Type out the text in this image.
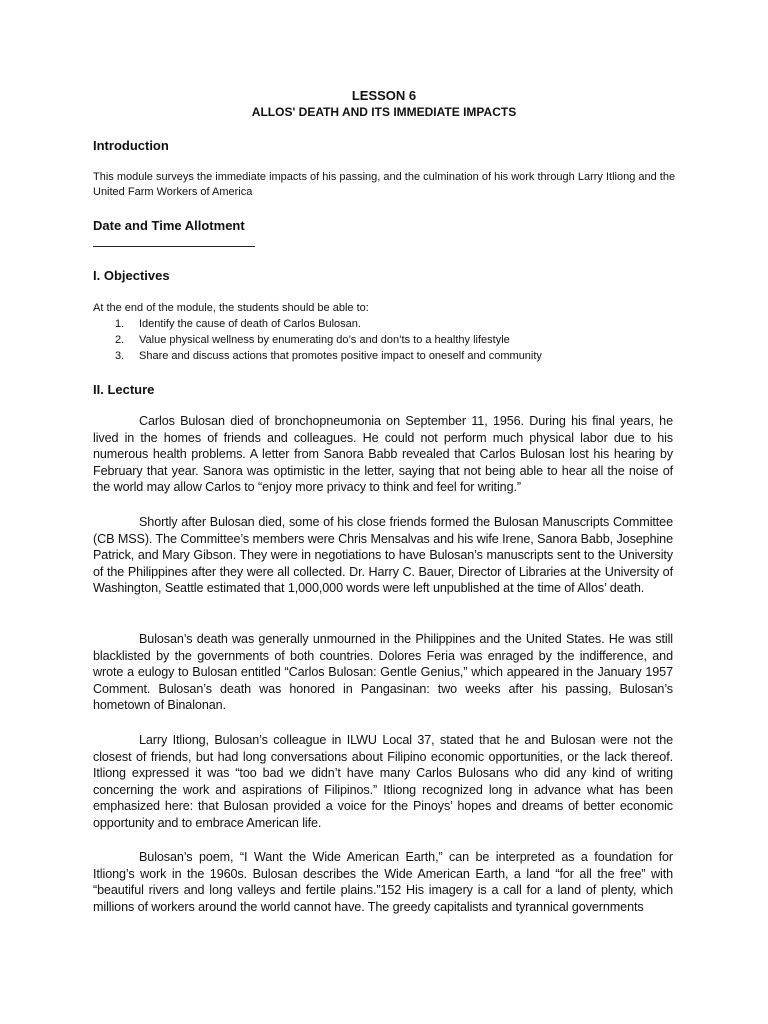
LESSON 6
ALLOS' DEATH AND ITS IMMEDIATE IMPACTS
Introduction
This module surveys the immediate impacts of his passing, and the culmination of his work through Larry Itliong and the United Farm Workers of America
Date and Time Allotment
I. Objectives
At the end of the module, the students should be able to:
1.	Identify the cause of death of Carlos Bulosan.
2.	Value physical wellness by enumerating do’s and don’ts to a healthy lifestyle
3.	Share and discuss actions that promotes positive impact to oneself and community
II. Lecture

Carlos Bulosan died of bronchopneumonia on September 11, 1956. During his final years, he lived in the homes of friends and colleagues. He could not perform much physical labor due to his numerous health problems. A letter from Sanora Babb revealed that Carlos Bulosan lost his hearing by February that year. Sanora was optimistic in the letter, saying that not being able to hear all the noise of the world may allow Carlos to “enjoy more privacy to think and feel for writing.”

Shortly after Bulosan died, some of his close friends formed the Bulosan Manuscripts Committee (CB MSS). The Committee’s members were Chris Mensalvas and his wife Irene, Sanora Babb, Josephine Patrick, and Mary Gibson. They were in negotiations to have Bulosan’s manuscripts sent to the University of the Philippines after they were all collected. Dr. Harry C. Bauer, Director of Libraries at the University of Washington, Seattle estimated that 1,000,000 words were left unpublished at the time of Allos’ death.

Bulosan’s death was generally unmourned in the Philippines and the United States. He was still blacklisted by the governments of both countries. Dolores Feria was enraged by the indifference, and wrote a eulogy to Bulosan entitled “Carlos Bulosan: Gentle Genius,” which appeared in the January 1957 Comment. Bulosan’s death was honored in Pangasinan: two weeks after his passing, Bulosan’s hometown of Binalonan.

Larry Itliong, Bulosan’s colleague in ILWU Local 37, stated that he and Bulosan were not the closest of friends, but had long conversations about Filipino economic opportunities, or the lack thereof. Itliong expressed it was “too bad we didn’t have many Carlos Bulosans who did any kind of writing concerning the work and aspirations of Filipinos.” Itliong recognized long in advance what has been emphasized here: that Bulosan provided a voice for the Pinoys’ hopes and dreams of better economic opportunity and to embrace American life.

Bulosan’s poem, “I Want the Wide American Earth,” can be interpreted as a foundation for Itliong’s work in the 1960s. Bulosan describes the Wide American Earth, a land “for all the free” with “beautiful rivers and long valleys and fertile plains.”152 His imagery is a call for a land of plenty, which millions of workers around the world cannot have. The greedy capitalists and tyrannical governments
